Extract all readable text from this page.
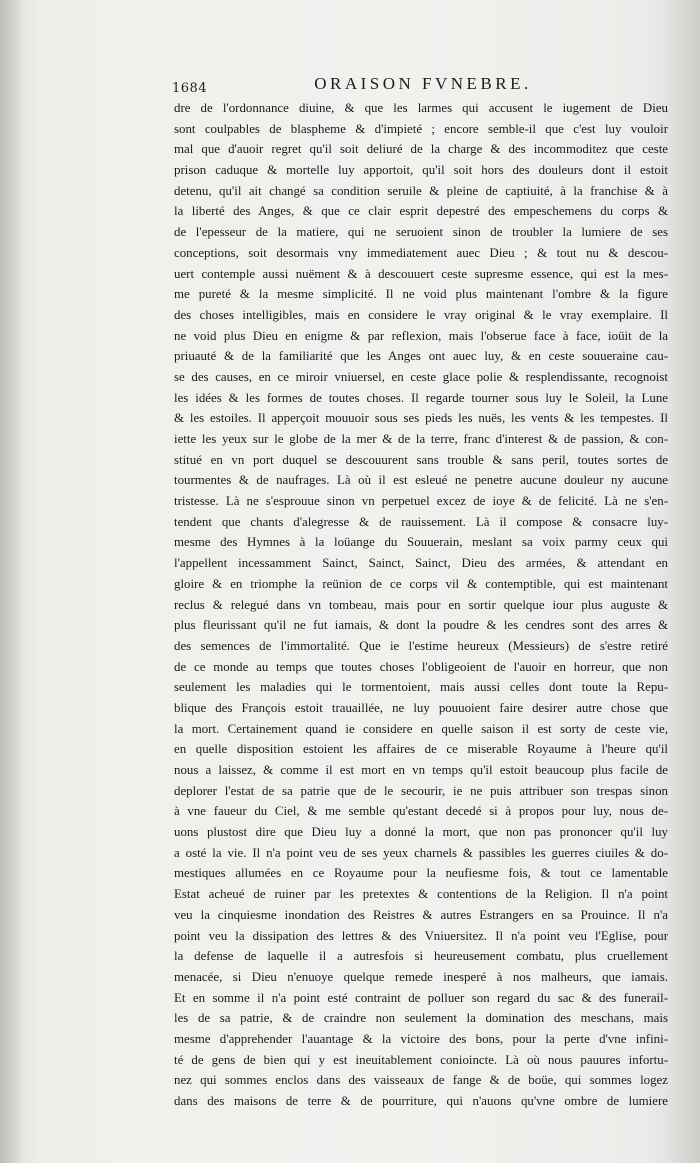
1684	ORAISON FVNEBRE.
dre de l'ordonnance diuine, & que les larmes qui accusent le iugement de Dieu
sont coulpables de blaspheme & d'impieté ; encore semble-il que c'est luy vouloir
mal que d'auoir regret qu'il soit deliuré de la charge & des incommoditez que ceste
prison caduque & mortelle luy apportoit, qu'il soit hors des douleurs dont il estoit
detenu, qu'il ait changé sa condition seruile & pleine de captiuité, à la franchise & à
la liberté des Anges, & que ce clair esprit depestré des empeschemens du corps &
de l'epesseur de la matiere, qui ne seruoient sinon de troubler la lumiere de ses
conceptions, soit desormais vny immediatement auec Dieu ; & tout nu & descou-
uert contemple aussi nuëment & à descouuert ceste supresme essence, qui est la mes-
me pureté & la mesme simplicité. Il ne void plus maintenant l'ombre & la figure
des choses intelligibles, mais en considere le vray original & le vray exemplaire. Il
ne void plus Dieu en enigme & par reflexion, mais l'obserue face à face, ioüit de la
priuauté & de la familiarité que les Anges ont auec luy, & en ceste souueraine cau-
se des causes, en ce miroir vniuersel, en ceste glace polie & resplendissante, recognoist
les idées & les formes de toutes choses. Il regarde tourner sous luy le Soleil, la Lune
& les estoiles. Il apperçoit mouuoir sous ses pieds les nuës, les vents & les tempestes. Il
iette les yeux sur le globe de la mer & de la terre, franc d'interest & de passion, & con-
stitué en vn port duquel se descouurent sans trouble & sans peril, toutes sortes de
tourmentes & de naufrages. Là où il est esleué ne penetre aucune douleur ny aucune
tristesse. Là ne s'esprouue sinon vn perpetuel excez de ioye & de felicité. Là ne s'en-
tendent que chants d'alegresse & de rauissement. Là il compose & consacre luy-
mesme des Hymnes à la loüange du Souuerain, meslant sa voix parmy ceux qui
l'appellent incessamment Sainct, Sainct, Sainct, Dieu des armées, & attendant en
gloire & en triomphe la reünion de ce corps vil & contemptible, qui est maintenant
reclus & relegué dans vn tombeau, mais pour en sortir quelque iour plus auguste &
plus fleurissant qu'il ne fut iamais, & dont la poudre & les cendres sont des arres &
des semences de l'immortalité. Que ie l'estime heureux (Messieurs) de s'estre retiré
de ce monde au temps que toutes choses l'obligeoient de l'auoir en horreur, que non
seulement les maladies qui le tormentoient, mais aussi celles dont toute la Repu-
blique des François estoit trauaillée, ne luy pouuoient faire desirer autre chose que
la mort. Certainement quand ie considere en quelle saison il est sorty de ceste vie,
en quelle disposition estoient les affaires de ce miserable Royaume à l'heure qu'il
nous a laissez, & comme il est mort en vn temps qu'il estoit beaucoup plus facile de
deplorer l'estat de sa patrie que de le secourir, ie ne puis attribuer son trespas sinon
à vne faueur du Ciel, & me semble qu'estant decedé si à propos pour luy, nous de-
uons plustost dire que Dieu luy a donné la mort, que non pas prononcer qu'il luy
a osté la vie. Il n'a point veu de ses yeux charnels & passibles les guerres ciuiles & do-
mestiques allumées en ce Royaume pour la neufiesme fois, & tout ce lamentable
Estat acheué de ruiner par les pretextes & contentions de la Religion. Il n'a point
veu la cinquiesme inondation des Reistres & autres Estrangers en sa Prouince. Il n'a
point veu la dissipation des lettres & des Vniuersitez. Il n'a point veu l'Eglise, pour
la defense de laquelle il a autresfois si heureusement combatu, plus cruellement
menacée, si Dieu n'enuoye quelque remede inesperé à nos malheurs, que iamais.
Et en somme il n'a point esté contraint de polluer son regard du sac & des funerail-
les de sa patrie, & de craindre non seulement la domination des meschans, mais
mesme d'apprehender l'auantage & la victoire des bons, pour la perte d'vne infini-
té de gens de bien qui y est ineuitablement conioincte. Là où nous pauures infortu-
nez qui sommes enclos dans des vaisseaux de fange & de boüe, qui sommes logez
dans des maisons de terre & de pourriture, qui n'auons qu'vne ombre de lumiere
